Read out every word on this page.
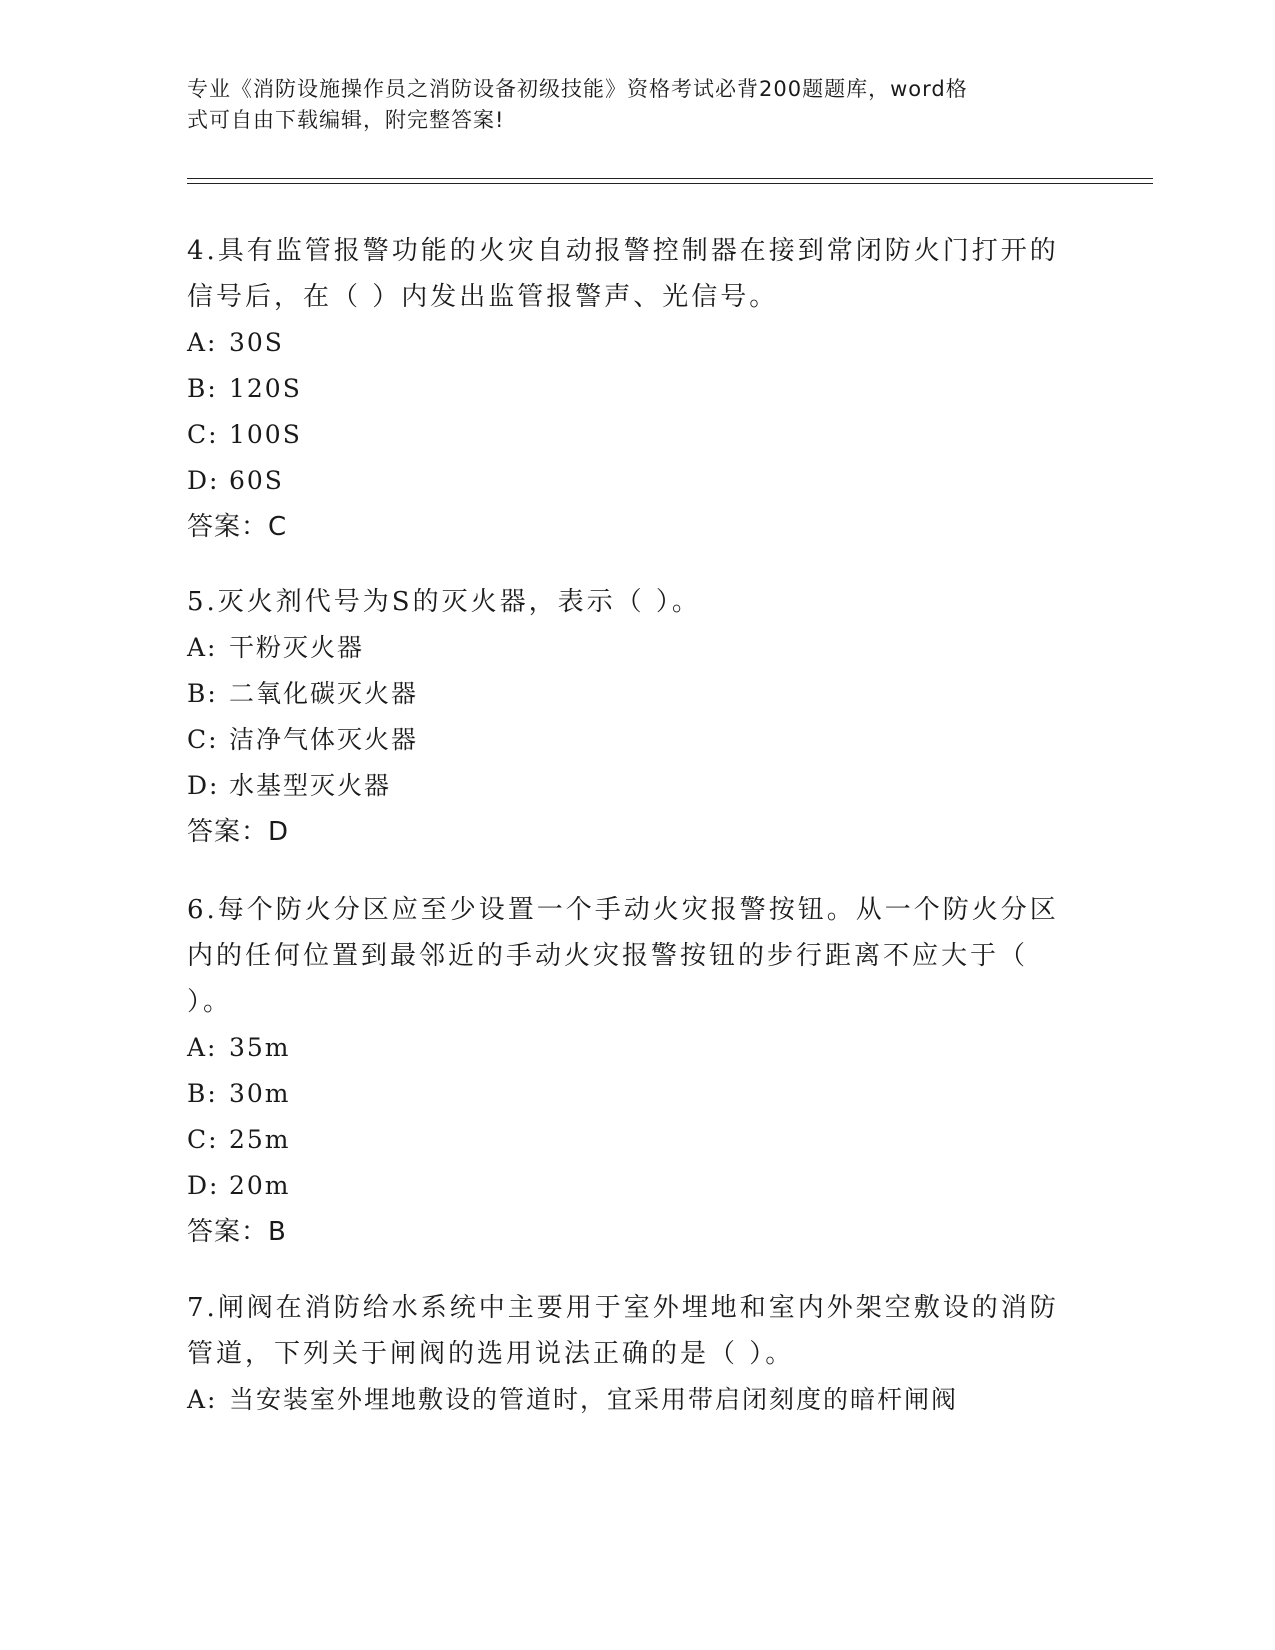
专业《消防设施操作员之消防设备初级技能》资格考试必背200题题库，word格
式可自由下载编辑，附完整答案!
4.具有监管报警功能的火灾自动报警控制器在接到常闭防火门打开的信号后，在（ ）内发出监管报警声、光信号。
A: 30S
B: 120S
C: 100S
D: 60S
答案：C
5.灭火剂代号为S的灭火器，表示（ ）。
A: 干粉灭火器
B: 二氧化碳灭火器
C: 洁净气体灭火器
D: 水基型灭火器
答案：D
6.每个防火分区应至少设置一个手动火灾报警按钮。从一个防火分区内的任何位置到最邻近的手动火灾报警按钮的步行距离不应大于（ ）。
A: 35m
B: 30m
C: 25m
D: 20m
答案：B
7.闸阀在消防给水系统中主要用于室外埋地和室内外架空敷设的消防管道，下列关于闸阀的选用说法正确的是（ ）。
A: 当安装室外埋地敷设的管道时，宜采用带启闭刻度的暗杆闸阀
